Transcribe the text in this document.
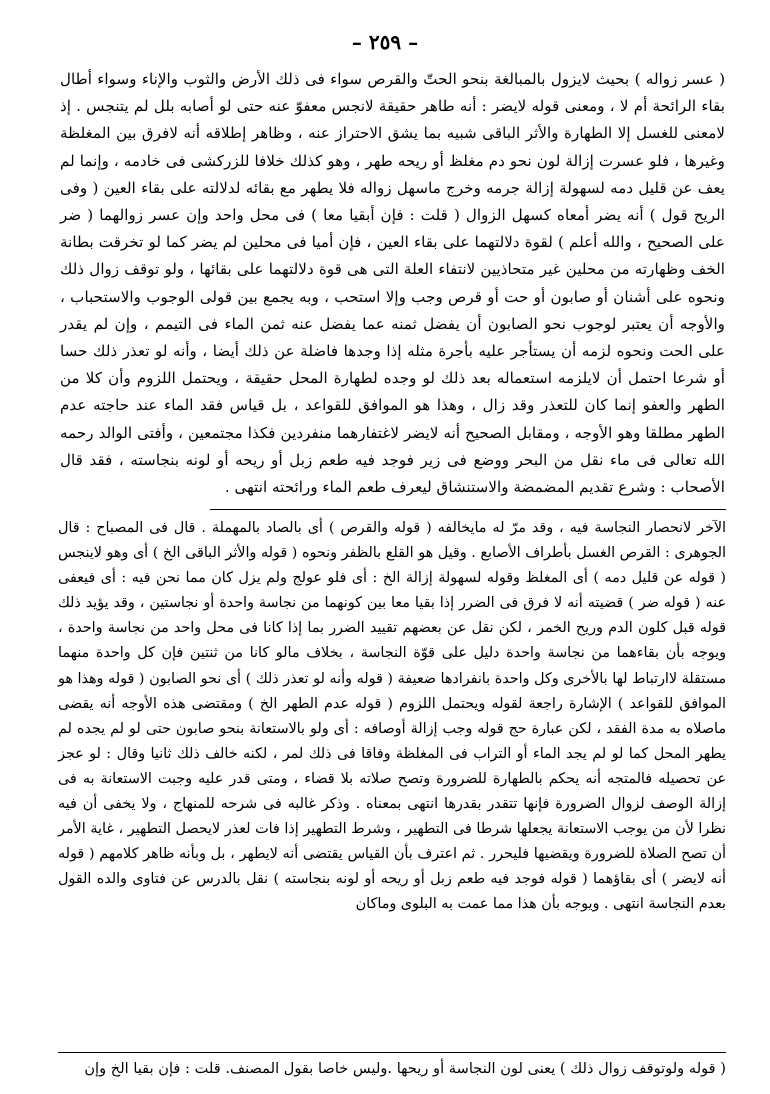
– ٢٥٩ –

( عسر زواله ) بحيث لايزول بالمبالغة بنحو الحتّ والقرص سواء فى ذلك الأرض والثوب والإناء وسواء أطال بقاء الرائحة أم لا ، ومعنى قوله لايضر : أنه طاهر حقيقة لانجس معفوّ عنه حتى لو أصابه بلل لم يتنجس . إذ لامعنى للغسل إلا الطهارة والأثر الباقى شبيه بما يشق الاحتراز عنه ، وظاهر إطلاقه أنه لافرق بين المغلظة وغيرها ، فلو عسرت إزالة لون نحو دم مغلظ أو ريحه طهر ، وهو كذلك خلافا للزركشى فى خادمه ، وإنما لم يعف عن قليل دمه لسهولة إزالة جرمه وخرج ماسهل زواله فلا يطهر مع بقائه لدلالته على بقاء العين ( وفى الريح قول ) أنه يضر أمعاه كسهل الزوال ( قلت : فإن أبقيا معا ) فى محل واحد وإن عسر زوالهما ( ضر على الصحيح ، والله أعلم ) لقوة دلالتهما على بقاء العين ، فإن أميا فى محلين لم يضر كما لو تخرقت بطانة الخف وظهارته من محلين غير متحاذيين لانتفاء العلة التى هى قوة دلالتهما على بقائها ، ولو توقف زوال ذلك ونحوه على أشنان أو صابون أو حت أو قرص وجب وإلا استحب ، وبه يجمع بين قولى الوجوب والاستحباب ، والأوجه أن يعتبر لوجوب نحو الصابون أن يفضل ثمنه عما يفضل عنه ثمن الماء فى التيمم ، وإن لم يقدر على الحت ونحوه لزمه أن يستأجر عليه بأجرة مثله إذا وجدها فاضلة عن ذلك أيضا ، وأنه لو تعذر ذلك حسا أو شرعا احتمل أن لايلزمه استعماله بعد ذلك لو وجده لطهارة المحل حقيقة ، ويحتمل اللزوم وأن كلا من الطهر والعفو إنما كان للتعذر وقد زال ، وهذا هو الموافق للقواعد ، بل قياس فقد الماء عند حاجته عدم الطهر مطلقا وهو الأوجه ، ومقابل الصحيح أنه لايضر لاغتفارهما منفردين فكذا مجتمعين ، وأفتى الوالد رحمه الله تعالى فى ماء نقل من البحر ووضع فى زير فوجد فيه طعم زبل أو ريحه أو لونه بنجاسته ، فقد قال الأصحاب : وشرع تقديم المضمضة والاستنشاق ليعرف طعم الماء ورائحته انتهى .

الآخر لانحصار النجاسة فيه ، وقد مرّ له مايخالفه ( قوله والقرص ) أى بالصاد بالمهملة . قال فى المصباح : قال الجوهرى : القرص الغسل بأطراف الأصابع . وقيل هو القلع بالظفر ونحوه ( قوله والأثر الباقى الخ ) أى وهو لاينجس ( قوله عن قليل دمه ) أى المغلظ وقوله لسهولة إزالة الخ : أى فلو عولج ولم يزل كان مما نحن فيه : أى فيعفى عنه ( قوله ضر ) قضيته أنه لا فرق فى الضرر إذا بقيا معا بين كونهما من نجاسة واحدة أو نجاستين ، وقد يؤيد ذلك قوله قبل كلون الدم وريح الخمر ، لكن نقل عن بعضهم تقييد الضرر بما إذا كانا فى محل واحد من نجاسة واحدة ، ويوجه بأن بقاءهما من نجاسة واحدة دليل على قوّة النجاسة ، بخلاف مالو كانا من ثنتين فإن كل واحدة منهما مستقلة لاارتباط لها بالأخرى وكل واحدة بانفرادها ضعيفة ( قوله وأنه لو تعذر ذلك ) أى نحو الصابون ( قوله وهذا هو الموافق للقواعد ) الإشارة راجعة لقوله ويحتمل اللزوم ( قوله عدم الطهر الخ ) ومقتضى هذه الأوجه أنه يقضى ماصلاه به مدة الفقد ، لكن عبارة حج قوله وجب إزالة أوصافه : أى ولو بالاستعانة بنحو صابون حتى لو لم يجده لم يطهر المحل كما لو لم يجد الماء أو التراب فى المغلظة وفاقا فى ذلك لمر ، لكنه خالف ذلك ثانيا وقال : لو عجز عن تحصيله فالمتجه أنه يحكم بالطهارة للضرورة وتصح صلاته بلا قضاء ، ومتى قدر عليه وجبت الاستعانة به فى إزالة الوصف لزوال الضرورة فإنها تتقدر بقدرها انتهى بمعناه . وذكر غالبه فى شرحه للمنهاج ، ولا يخفى أن فيه نظرا لأن من يوجب الاستعانة يجعلها شرطا فى التطهير ، وشرط التطهير إذا فات لعذر لايحصل التطهير ، غاية الأمر أن تصح الصلاة للضرورة ويقضيها فليحرر . ثم اعترف بأن القياس يقتضى أنه لايطهر ، بل وبأنه ظاهر كلامهم ( قوله أنه لايضر ) أى بقاؤهما ( قوله فوجد فيه طعم زبل أو ريحه أو لونه بنجاسته ) نقل بالدرس عن فتاوى والده القول بعدم النجاسة انتهى . ويوجه بأن هذا مما عمت به البلوى وماكان

( قوله ولوتوقف زوال ذلك ) يعنى لون النجاسة أو ريحها .وليس خاصا بقول المصنف. قلت : فإن بقيا الخ وإن
